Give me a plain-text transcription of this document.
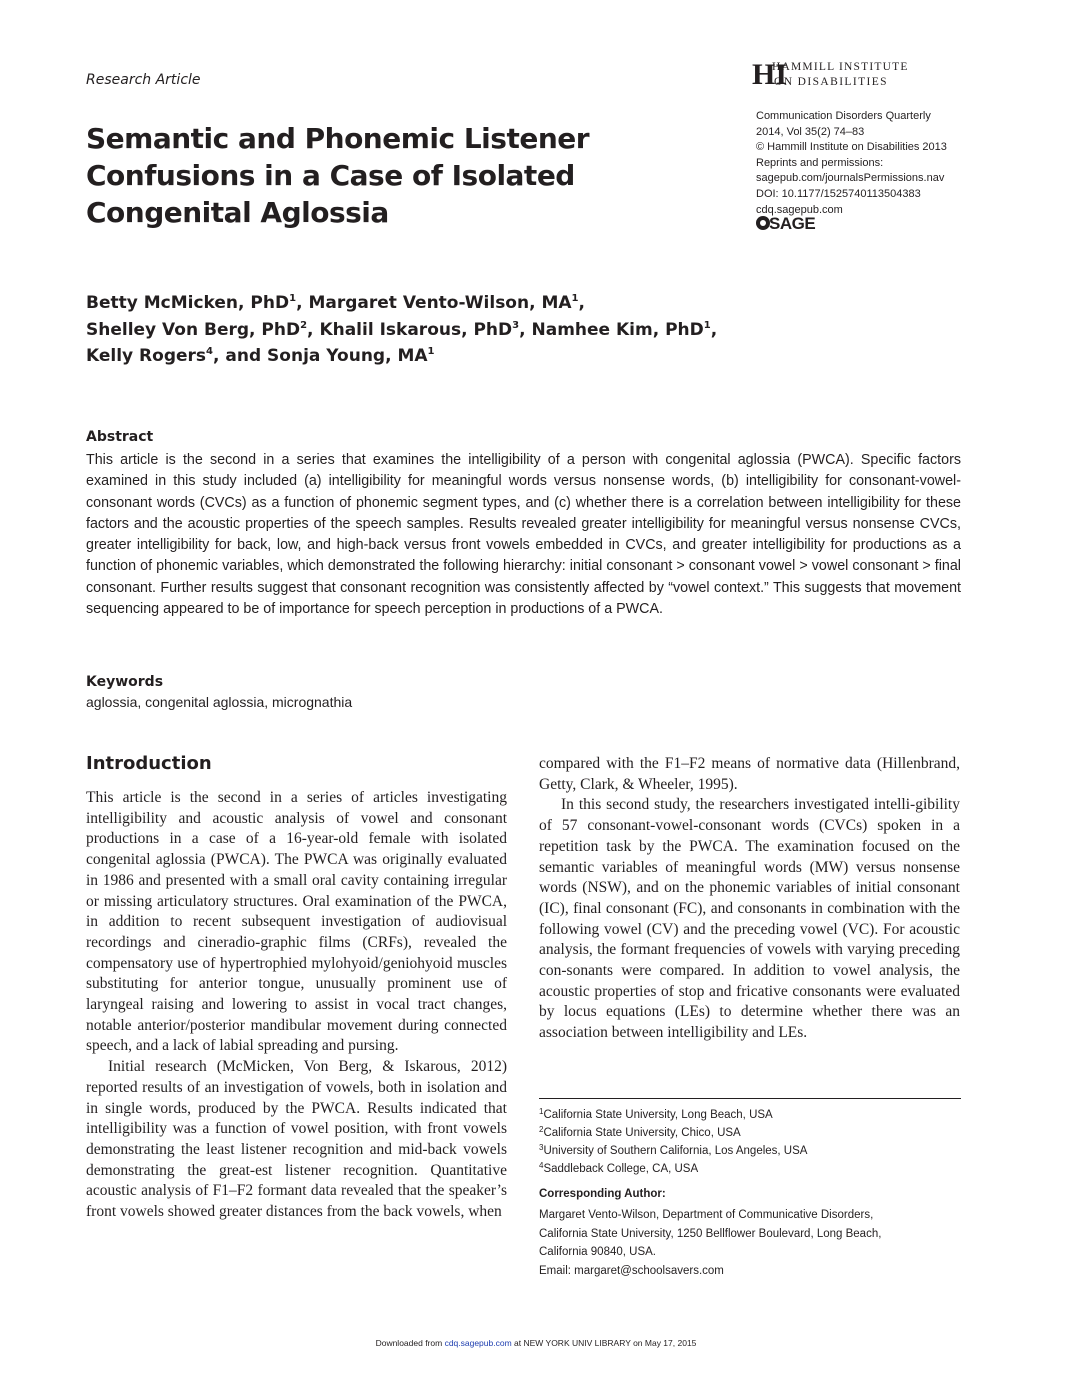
Research Article	HI
HAMMILL INSTITUTE
ON DISABILITIES
Communication Disorders Quarterly
2014, Vol 35(2) 74–83
© Hammill Institute on Disabilities 2013
Reprints and permissions:
sagepub.com/journalsPermissions.nav
DOI: 10.1177/1525740113504383
cdq.sagepub.com
SAGE
Semantic and Phonemic Listener
Confusions in a Case of Isolated
Congenital Aglossia
Betty McMicken, PhD$^1$, Margaret Vento-Wilson, $MA^1$,
Shelley Von Berg, PhD$^2$, Khalil Iskarous, PhD$^3$, Namhee Kim, PhD$^1$,
Kelly Rogers$^4$, and Sonja Young, $MA^1$
Abstract
This article is the second in a series that examines the intelligibility of a person with congenital aglossia (PWCA). Specific factors examined in this study included (a) intelligibility for meaningful words versus nonsense words, (b) intelligibility for consonant-vowel-consonant words (CVCs) as a function of phonemic segment types, and (c) whether there is a correlation between intelligibility for these factors and the acoustic properties of the speech samples. Results revealed greater intelligibility for meaningful versus nonsense CVCs, greater intelligibility for back, low, and high-back versus front vowels embedded in CVCs, and greater intelligibility for productions as a function of phonemic variables, which demonstrated the following hierarchy: initial consonant > consonant vowel > vowel consonant > final consonant. Further results suggest that consonant recognition was consistently affected by “vowel context.” This suggests that movement sequencing appeared to be of importance for speech perception in productions of a PWCA.
Keywords
aglossia, congenital aglossia, micrognathia
Introduction

This article is the second in a series of articles investigating intelligibility and acoustic analysis of vowel and consonant productions in a case of a 16-year-old female with isolated congenital aglossia (PWCA). The PWCA was originally evaluated in 1986 and presented with a small oral cavity containing irregular or missing articulatory structures. Oral examination of the PWCA, in addition to recent subsequent investigation of audiovisual recordings and cineradio-graphic films (CRFs), revealed the compensatory use of hypertrophied mylohyoid/geniohyoid muscles substituting for anterior tongue, unusually prominent use of laryngeal raising and lowering to assist in vocal tract changes, notable anterior/posterior mandibular movement during connected speech, and a lack of labial spreading and pursing.

Initial research (McMicken, Von Berg, & Iskarous, 2012) reported results of an investigation of vowels, both in isolation and in single words, produced by the PWCA. Results indicated that intelligibility was a function of vowel position, with front vowels demonstrating the least listener recognition and mid-back vowels demonstrating the great-est listener recognition. Quantitative acoustic analysis of F1–F2 formant data revealed that the speaker’s front vowels showed greater distances from the back vowels, when

compared with the F1–F2 means of normative data (Hillenbrand, Getty, Clark, & Wheeler, 1995).

In this second study, the researchers investigated intelli-gibility of 57 consonant-vowel-consonant words (CVCs) spoken in a repetition task by the PWCA. The examination focused on the semantic variables of meaningful words (MW) versus nonsense words (NSW), and on the phonemic variables of initial consonant (IC), final consonant (FC), and consonants in combination with the following vowel (CV) and the preceding vowel (VC). For acoustic analysis, the formant frequencies of vowels with varying preceding con-sonants were compared. In addition to vowel analysis, the acoustic properties of stop and fricative consonants were evaluated by locus equations (LEs) to determine whether there was an association between intelligibility and LEs.

$^1$California State University, Long Beach, USA
$^2$California State University, Chico, USA
$^3$University of Southern California, Los Angeles, USA
$^4$Saddleback College, CA, USA
Corresponding Author:
Margaret Vento-Wilson, Department of Communicative Disorders,
California State University, 1250 Bellflower Boulevard, Long Beach,
California 90840, USA.
Email: margaret@schoolsavers.com
Downloaded from cdq.sagepub.com at NEW YORK UNIV LIBRARY on May 17, 2015
